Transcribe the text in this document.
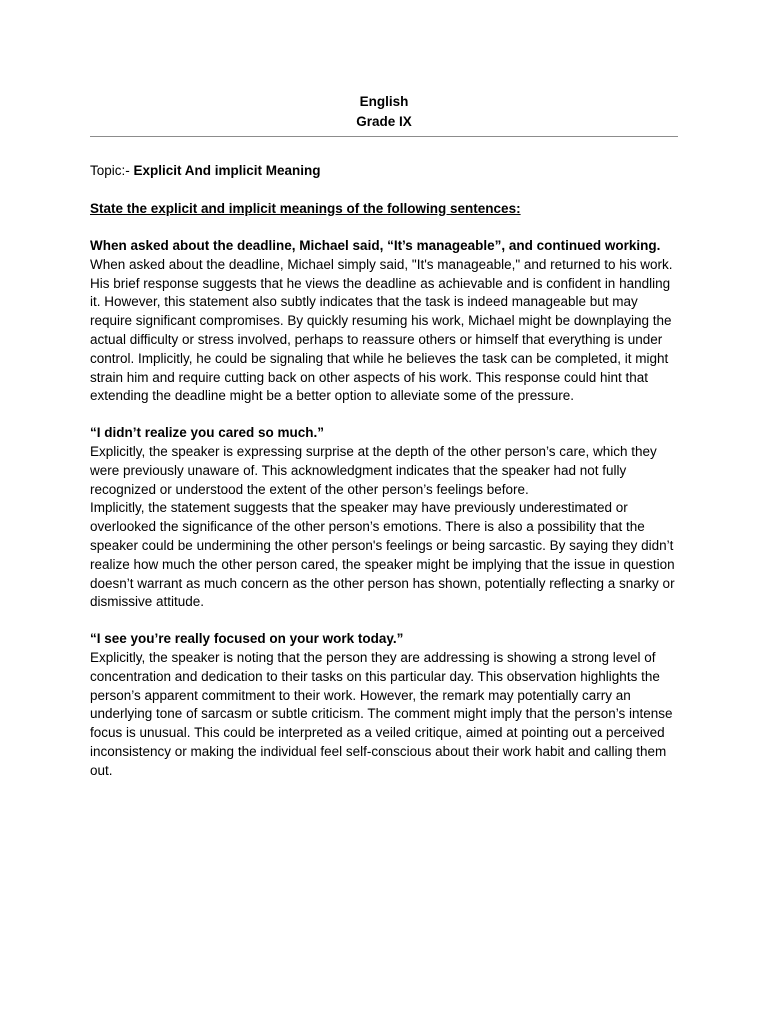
English
Grade IX
Topic:- Explicit And implicit Meaning
State the explicit and implicit meanings of the following sentences:
When asked about the deadline, Michael said, “It’s manageable”, and continued working.

When asked about the deadline, Michael simply said, "It's manageable," and returned to his work. His brief response suggests that he views the deadline as achievable and is confident in handling it. However, this statement also subtly indicates that the task is indeed manageable but may require significant compromises. By quickly resuming his work, Michael might be downplaying the actual difficulty or stress involved, perhaps to reassure others or himself that everything is under control. Implicitly, he could be signaling that while he believes the task can be completed, it might strain him and require cutting back on other aspects of his work. This response could hint that extending the deadline might be a better option to alleviate some of the pressure.

“I didn’t realize you cared so much.”

Explicitly, the speaker is expressing surprise at the depth of the other person’s care, which they were previously unaware of. This acknowledgment indicates that the speaker had not fully recognized or understood the extent of the other person’s feelings before.

Implicitly, the statement suggests that the speaker may have previously underestimated or overlooked the significance of the other person’s emotions. There is also a possibility that the speaker could be undermining the other person's feelings or being sarcastic. By saying they didn’t realize how much the other person cared, the speaker might be implying that the issue in question doesn’t warrant as much concern as the other person has shown, potentially reflecting a snarky or dismissive attitude.

“I see you’re really focused on your work today.”

Explicitly, the speaker is noting that the person they are addressing is showing a strong level of concentration and dedication to their tasks on this particular day. This observation highlights the person’s apparent commitment to their work. However, the remark may potentially carry an underlying tone of sarcasm or subtle criticism. The comment might imply that the person’s intense focus is unusual. This could be interpreted as a veiled critique, aimed at pointing out a perceived inconsistency or making the individual feel self-conscious about their work habit and calling them out.
